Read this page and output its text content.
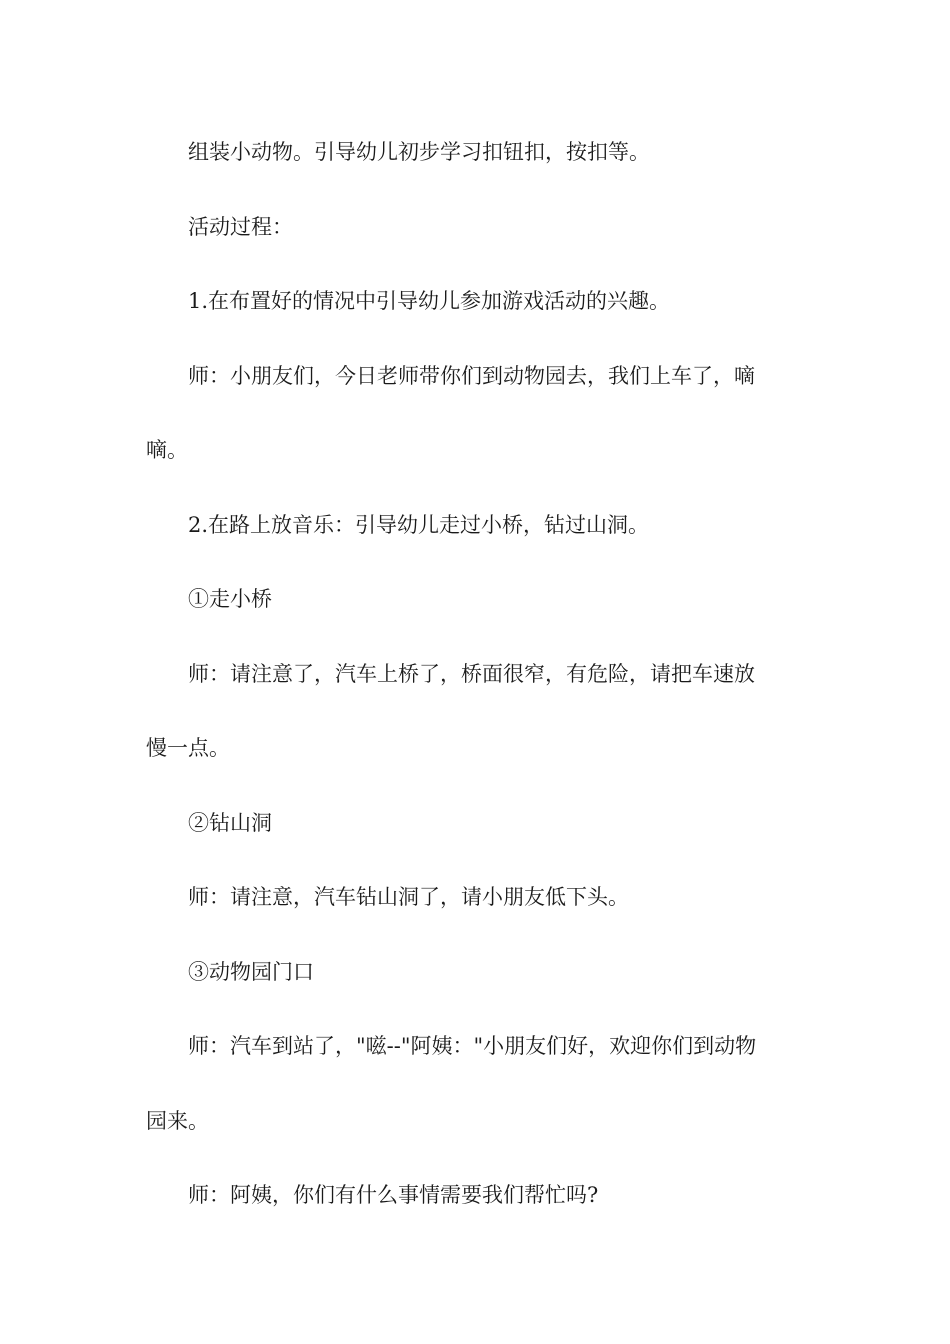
组装小动物。引导幼儿初步学习扣钮扣，按扣等。

活动过程：

1.在布置好的情况中引导幼儿参加游戏活动的兴趣。

师：小朋友们，今日老师带你们到动物园去，我们上车了，嘀

嘀。

2.在路上放音乐：引导幼儿走过小桥，钻过山洞。

①走小桥

师：请注意了，汽车上桥了，桥面很窄，有危险，请把车速放

慢一点。

②钻山洞

师：请注意，汽车钻山洞了，请小朋友低下头。

③动物园门口

师：汽车到站了，"嗞--"阿姨："小朋友们好，欢迎你们到动物

园来。

师：阿姨，你们有什么事情需要我们帮忙吗?
